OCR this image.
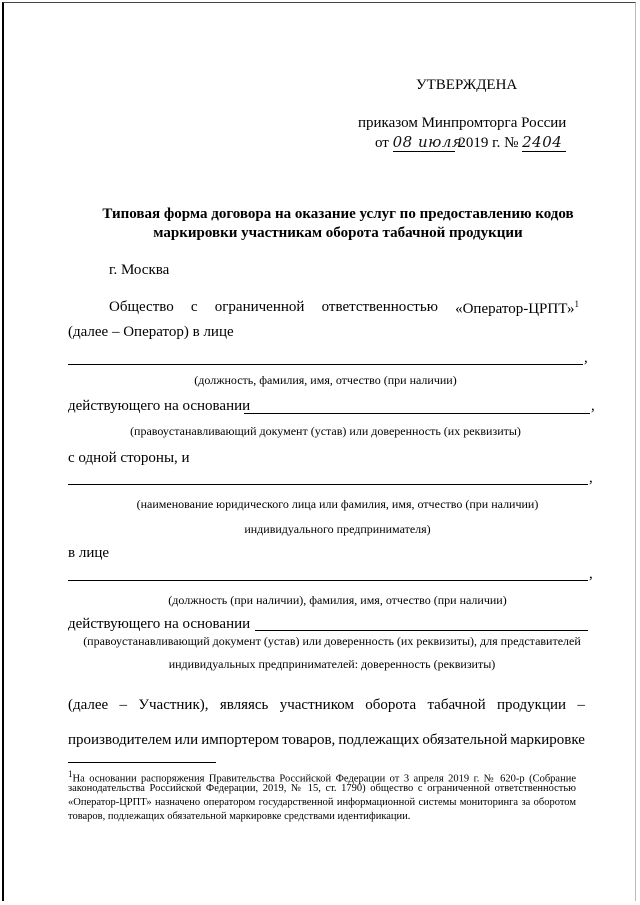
УТВЕРЖДЕНА
приказом Минпромторга России
от 08 июля 2019 г. № 2404
Типовая форма договора на оказание услуг по предоставлению кодов
маркировки участникам оборота табачной продукции
г. Москва
Общество с ограниченной ответственностью «Оператор-ЦРПТ»$^1$
(далее – Оператор) в лице
,
(должность, фамилия, имя, отчество (при наличии)
действующего на основании	,
(правоустанавливающий документ (устав) или доверенность (их реквизиты)
с одной стороны, и
,
(наименование юридического лица или фамилия, имя, отчество (при наличии)
индивидуального предпринимателя)
в лице
,
(должность (при наличии), фамилия, имя, отчество (при наличии)
действующего на основании
(правоустанавливающий документ (устав) или доверенность (их реквизиты), для представителей
индивидуальных предпринимателей: доверенность (реквизиты)
(далее – Участник), являясь участником оборота табачной продукции –
производителем или импортером товаров, подлежащих обязательной маркировке
$^1$На основании распоряжения Правительства Российской Федерации от 3 апреля 2019 г. № 620-р (Собрание
законодательства Российской Федерации, 2019, № 15, ст. 1790) общество с ограниченной ответственностью
«Оператор-ЦРПТ» назначено оператором государственной информационной системы мониторинга за оборотом
товаров, подлежащих обязательной маркировке средствами идентификации.
